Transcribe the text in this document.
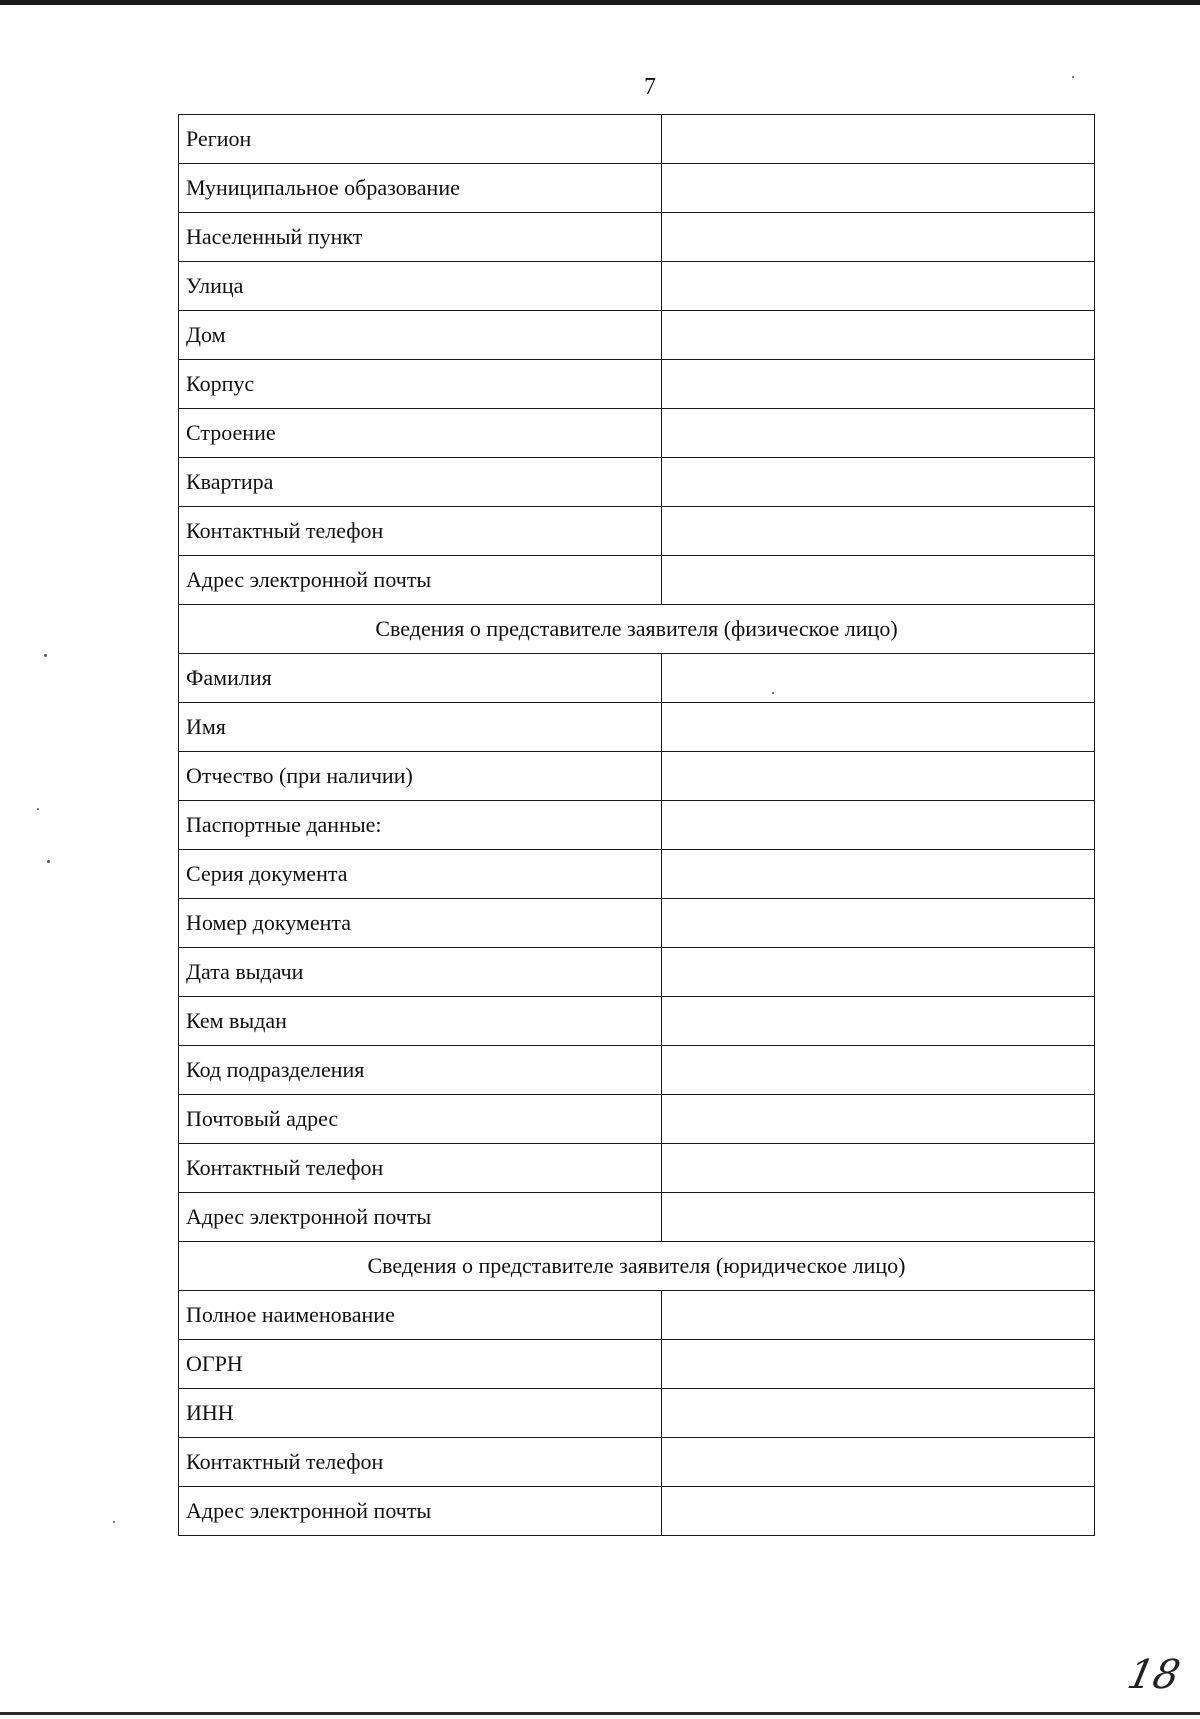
7
Регион	
Муниципальное образование	
Населенный пункт	
Улица	
Дом	
Корпус	
Строение	
Квартира	
Контактный телефон	
Адрес электронной почты	
Сведения о представителе заявителя (физическое лицо)	
Фамилия	
Имя	
Отчество (при наличии)	
Паспортные данные:	
Серия документа	
Номер документа	
Дата выдачи	
Кем выдан	
Код подразделения	
Почтовый адрес	
Контактный телефон	
Адрес электронной почты	
Сведения о представителе заявителя (юридическое лицо)	
Полное наименование	
ОГРН	
ИНН	
Контактный телефон	
Адрес электронной почты	
18
